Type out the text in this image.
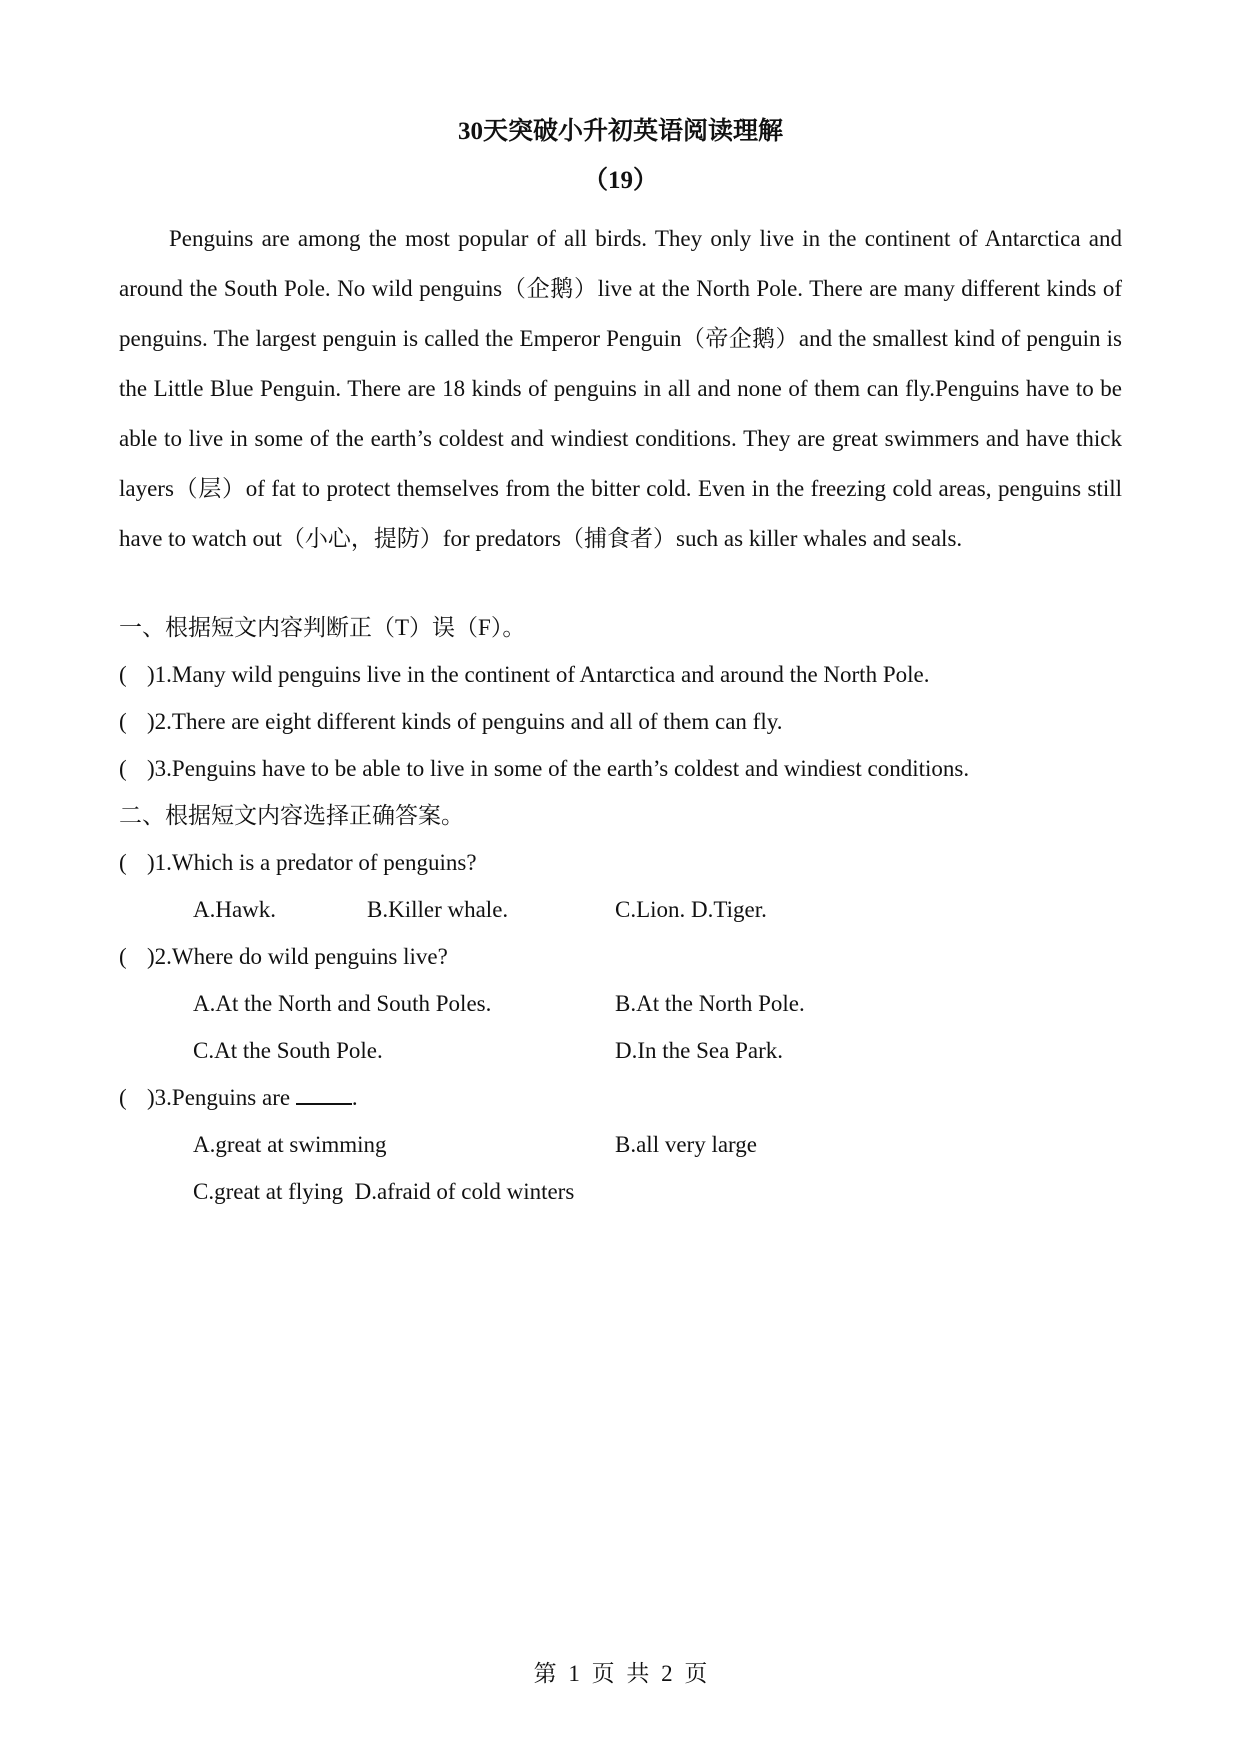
30天突破小升初英语阅读理解
（19）

Penguins are among the most popular of all birds. They only live in the continent of Antarctica and around the South Pole. No wild penguins（企鹅）live at the North Pole. There are many different kinds of penguins. The largest penguin is called the Emperor Penguin（帝企鹅）and the smallest kind of penguin is the Little Blue Penguin. There are 18 kinds of penguins in all and none of them can fly.Penguins have to be able to live in some of the earth’s coldest and windiest conditions. They are great swimmers and have thick layers（层）of fat to protect themselves from the bitter cold. Even in the freezing cold areas, penguins still have to watch out（小心，提防）for predators（捕食者）such as killer whales and seals.

一、根据短文内容判断正（T）误（F）。
( )1.Many wild penguins live in the continent of Antarctica and around the North Pole.
( )2.There are eight different kinds of penguins and all of them can fly.
( )3.Penguins have to be able to live in some of the earth’s coldest and windiest conditions.
二、根据短文内容选择正确答案。
( )1.Which is a predator of penguins?
A.Hawk.	B.Killer whale.	C.Lion. D.Tiger.
( )2.Where do wild penguins live?
A.At the North and South Poles.	B.At the North Pole.
C.At the South Pole.	D.In the Sea Park.
( )3.Penguins are .
A.great at swimming	B.all very large
C.great at flying  D.afraid of cold winters
第 1 页 共 2 页
